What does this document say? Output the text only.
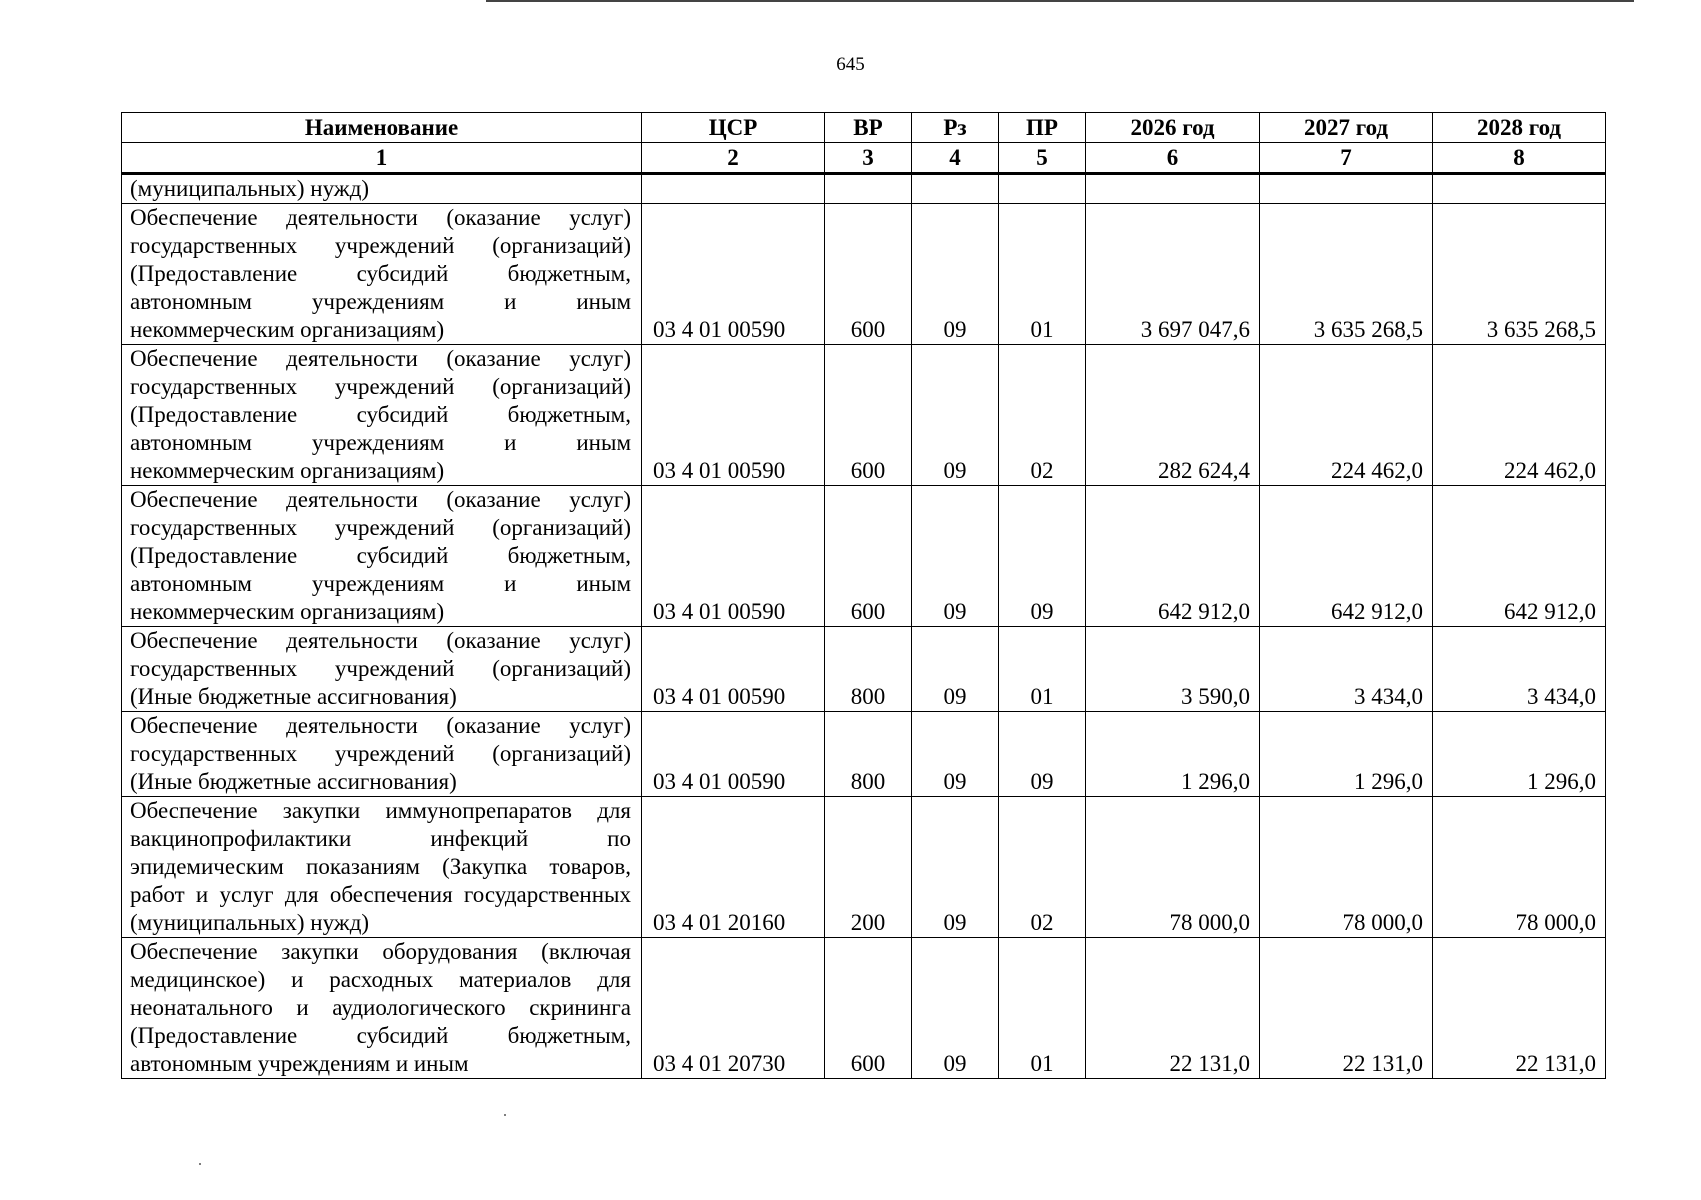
645
Наименование	ЦСР	ВР	Рз	ПР	2026 год	2027 год	2028 год
1	2	3	4	5	6	7	8
(муниципальных) нужд)							
Обеспечение деятельности (оказание услуг) государственных учреждений (организаций) (Предоставление субсидий бюджетным, автономным учреждениям и иным некоммерческим организациям)	03 4 01 00590	600	09	01	3 697 047,6	3 635 268,5	3 635 268,5
Обеспечение деятельности (оказание услуг) государственных учреждений (организаций) (Предоставление субсидий бюджетным, автономным учреждениям и иным некоммерческим организациям)	03 4 01 00590	600	09	02	282 624,4	224 462,0	224 462,0
Обеспечение деятельности (оказание услуг) государственных учреждений (организаций) (Предоставление субсидий бюджетным, автономным учреждениям и иным некоммерческим организациям)	03 4 01 00590	600	09	09	642 912,0	642 912,0	642 912,0
Обеспечение деятельности (оказание услуг) государственных учреждений (организаций) (Иные бюджетные ассигнования)	03 4 01 00590	800	09	01	3 590,0	3 434,0	3 434,0
Обеспечение деятельности (оказание услуг) государственных учреждений (организаций) (Иные бюджетные ассигнования)	03 4 01 00590	800	09	09	1 296,0	1 296,0	1 296,0
Обеспечение закупки иммунопрепаратов для вакцинопрофилактики инфекций по эпидемическим показаниям (Закупка товаров, работ и услуг для обеспечения государственных (муниципальных) нужд)	03 4 01 20160	200	09	02	78 000,0	78 000,0	78 000,0
Обеспечение закупки оборудования (включая медицинское) и расходных материалов для неонатального и аудиологического скрининга (Предоставление субсидий бюджетным, автономным учреждениям и иным	03 4 01 20730	600	09	01	22 131,0	22 131,0	22 131,0
